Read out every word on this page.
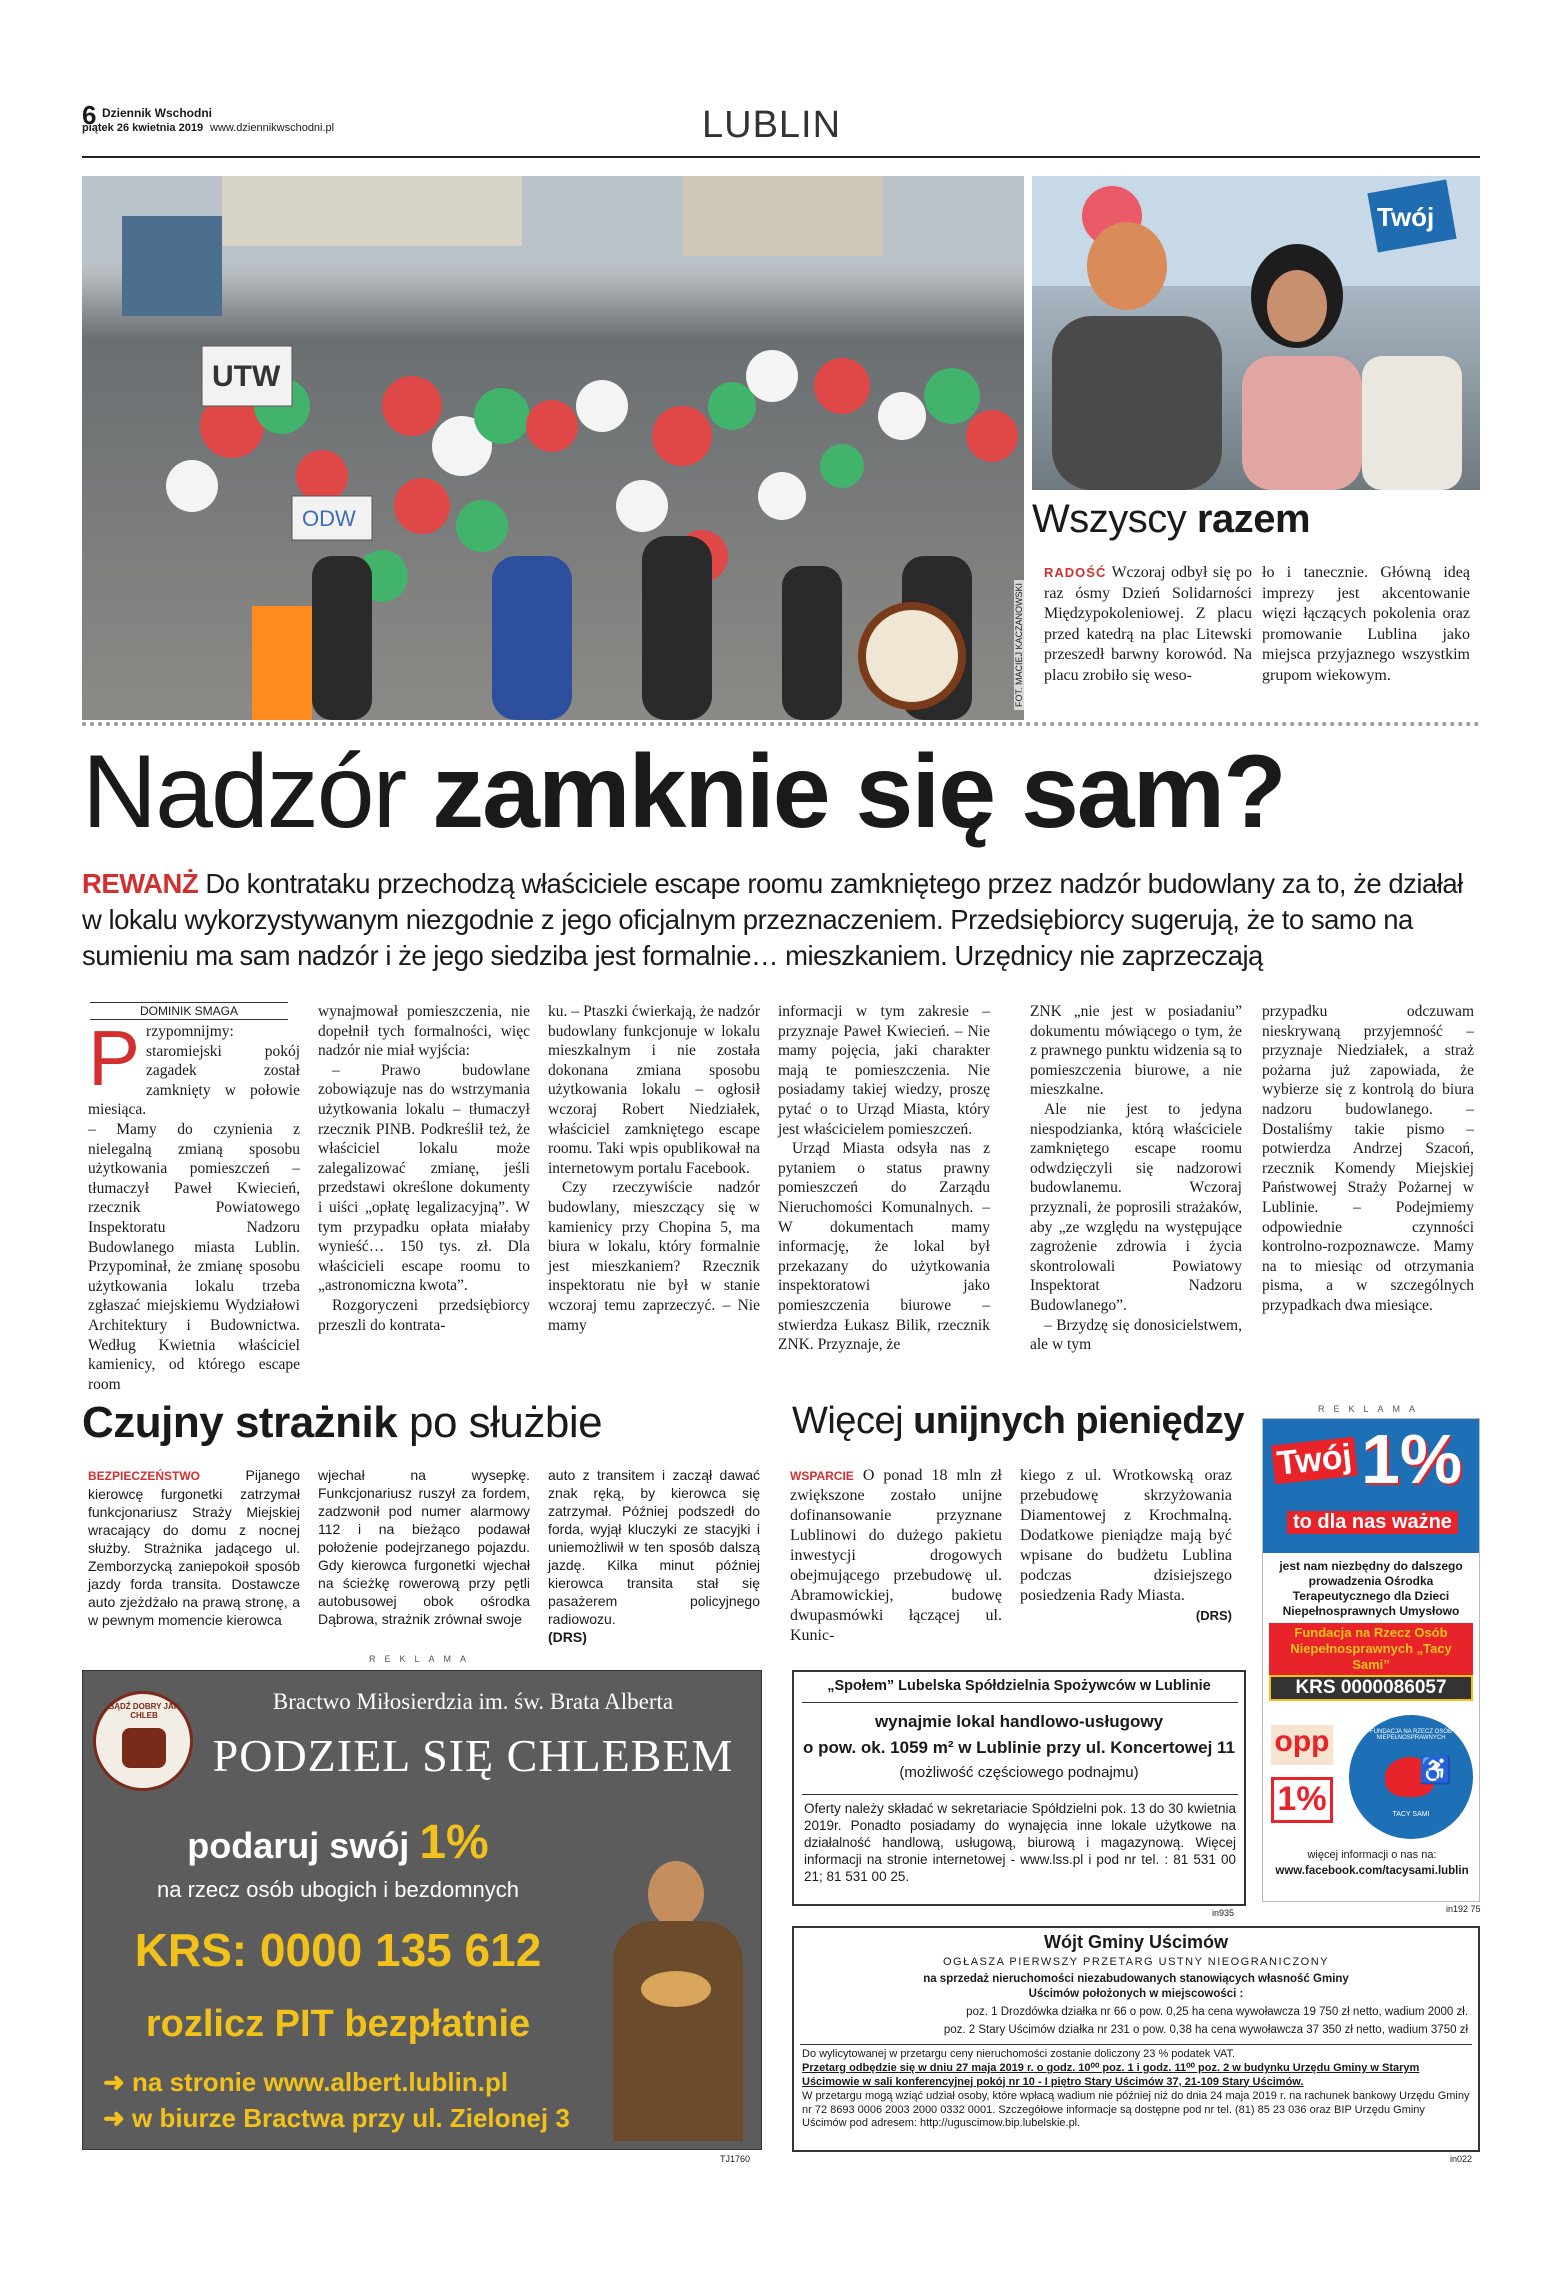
6 Dziennik Wschodni
piątek 26 kwietnia 2019 www.dziennikwschodni.pl	LUBLIN
UTW
ODW
FOT. MACIEJ KACZANOWSKI
Twój
Wszyscy razem
RADOŚĆ Wczoraj odbył się po raz ósmy Dzień Solidarności Międzypokoleniowej. Z placu przed katedrą na plac Litewski przeszedł barwny korowód. Na placu zrobiło się weso-
ło i tanecznie. Główną ideą imprezy jest akcentowanie więzi łączących pokolenia oraz promowanie Lublina jako miejsca przyjaznego wszystkim grupom wiekowym.
Nadzór zamknie się sam?
REWANŻ Do kontrataku przechodzą właściciele escape roomu zamkniętego przez nadzór budowlany za to, że działał w lokalu wykorzystywanym niezgodnie z jego oficjalnym przeznaczeniem. Przedsiębiorcy sugerują, że to samo na sumieniu ma sam nadzór i że jego siedziba jest formalnie… mieszkaniem. Urzędnicy nie zaprzeczają
DOMINIK SMAGA
P rzypomnijmy: staromiejski pokój zagadek został zamknięty w połowie miesiąca.
– Mamy do czynienia z nielegalną zmianą sposobu użytkowania pomieszczeń – tłumaczył Paweł Kwiecień, rzecznik Powiatowego Inspektoratu Nadzoru Budowlanego miasta Lublin. Przypominał, że zmianę sposobu użytkowania lokalu trzeba zgłaszać miejskiemu Wydziałowi Architektury i Budownictwa. Według Kwietnia właściciel kamienicy, od którego escape room

wynajmował pomieszczenia, nie dopełnił tych formalności, więc nadzór nie miał wyjścia:

– Prawo budowlane zobowiązuje nas do wstrzymania użytkowania lokalu – tłumaczył rzecznik PINB. Podkreślił też, że właściciel lokalu może zalegalizować zmianę, jeśli przedstawi określone dokumenty i uiści „opłatę legalizacyjną”. W tym przypadku opłata miałaby wynieść… 150 tys. zł. Dla właścicieli escape roomu to „astronomiczna kwota”.

Rozgoryczeni przedsiębiorcy przeszli do kontrata-

ku. – Ptaszki ćwierkają, że nadzór budowlany funkcjonuje w lokalu mieszkalnym i nie została dokonana zmiana sposobu użytkowania lokalu – ogłosił wczoraj Robert Niedziałek, właściciel zamkniętego escape roomu. Taki wpis opublikował na internetowym portalu Facebook.

Czy rzeczywiście nadzór budowlany, mieszczący się w kamienicy przy Chopina 5, ma biura w lokalu, który formalnie jest mieszkaniem? Rzecznik inspektoratu nie był w stanie wczoraj temu zaprzeczyć. – Nie mamy

informacji w tym zakresie – przyznaje Paweł Kwiecień. – Nie mamy pojęcia, jaki charakter mają te pomieszczenia. Nie posiadamy takiej wiedzy, proszę pytać o to Urząd Miasta, który jest właścicielem pomieszczeń.

Urząd Miasta odsyła nas z pytaniem o status prawny pomieszczeń do Zarządu Nieruchomości Komunalnych. – W dokumentach mamy informację, że lokal był przekazany do użytkowania inspektoratowi jako pomieszczenia biurowe – stwierdza Łukasz Bilik, rzecznik ZNK. Przyznaje, że

ZNK „nie jest w posiadaniu” dokumentu mówiącego o tym, że z prawnego punktu widzenia są to pomieszczenia biurowe, a nie mieszkalne.

Ale nie jest to jedyna niespodzianka, którą właściciele zamkniętego escape roomu odwdzięczyli się nadzorowi budowlanemu. Wczoraj przyznali, że poprosili strażaków, aby „ze względu na występujące zagrożenie zdrowia i życia skontrolowali Powiatowy Inspektorat Nadzoru Budowlanego”.

– Brzydzę się donosicielstwem, ale w tym

przypadku odczuwam nieskrywaną przyjemność – przyznaje Niedziałek, a straż pożarna już zapowiada, że wybierze się z kontrolą do biura nadzoru budowlanego. – Dostaliśmy takie pismo – potwierdza Andrzej Szacoń, rzecznik Komendy Miejskiej Państwowej Straży Pożarnej w Lublinie. – Podejmiemy odpowiednie czynności kontrolno-rozpoznawcze. Mamy na to miesiąc od otrzymania pisma, a w szczególnych przypadkach dwa miesiące.

Czujny strażnik po służbie
BEZPIECZEŃSTWO	Pijanego kierowcę furgonetki zatrzymał funkcjonariusz Straży Miejskiej wracający do domu z nocnej służby. Strażnika jadącego ul. Zemborzycką zaniepokoił sposób jazdy forda transita. Dostawcze auto zjeżdżało na prawą stronę, a w pewnym momencie kierowca
wjechał na wysepkę. Funkcjonariusz ruszył za fordem, zadzwonił pod numer alarmowy 112 i na bieżąco podawał położenie podejrzanego pojazdu. Gdy kierowca furgonetki wjechał na ścieżkę rowerową przy pętli autobusowej obok ośrodka Dąbrowa, strażnik zrównał swoje
auto z transitem i zaczął dawać znak ręką, by kierowca się zatrzymał. Później podszedł do forda, wyjął kluczyki ze stacyjki i uniemożliwił w ten sposób dalszą jazdę. Kilka minut później kierowca transita stał się pasażerem policyjnego radiowozu.
(DRS)
Więcej unijnych pieniędzy
WSPARCIE O ponad 18 mln zł zwiększone zostało unijne dofinansowanie przyznane Lublinowi do dużego pakietu inwestycji drogowych obejmującego przebudowę ul. Abramowickiej, budowę dwupasmówki łączącej ul. Kunic-
kiego z ul. Wrotkowską oraz przebudowę skrzyżowania Diamentowej z Krochmalną. Dodatkowe pieniądze mają być wpisane do budżetu Lublina podczas dzisiejszego posiedzenia Rady Miasta.

(DRS)
REKLAMA
REKLAMA
BĄDŹ DOBRY JAK CHLEB
Bractwo Miłosierdzia im. św. Brata Alberta
PODZIEL SIĘ CHLEBEM
podaruj swój 1%
na rzecz osób ubogich i bezdomnych
KRS: 0000 135 612
rozlicz PIT bezpłatnie
➜ na stronie www.albert.lublin.pl
➜ w biurze Bractwa przy ul. Zielonej 3
TJ1760
„Społem” Lubelska Spółdzielnia Spożywców w Lublinie
wynajmie lokal handlowo-usługowy
o pow. ok. 1059 m² w Lublinie przy ul. Koncertowej 11
(możliwość częściowego podnajmu)
Oferty należy składać w sekretariacie Spółdzielni pok. 13 do 30 kwietnia 2019r. Ponadto posiadamy do wynajęcia inne lokale użytkowe na działalność handlową, usługową, biurową i magazynową. Więcej informacji na stronie internetowej - www.lss.pl i pod nr tel. : 81 531 00 21; 81 531 00 25.
in935
Wójt Gminy Uścimów
OGŁASZA PIERWSZY PRZETARG USTNY NIEOGRANICZONY
na sprzedaż nieruchomości niezabudowanych stanowiących własność Gminy Uścimów położonych w miejscowości :
poz. 1 Drozdówka działka nr 66 o pow. 0,25 ha cena wywoławcza 19 750 zł netto, wadium 2000 zł.
poz. 2 Stary Uścimów działka nr 231 o pow. 0,38 ha cena wywoławcza 37 350 zł netto, wadium 3750 zł
Do wylicytowanej w przetargu ceny nieruchomości zostanie doliczony 23 % podatek VAT.
Przetarg odbędzie się w dniu 27 maja 2019 r. o godz. 10⁰⁰ poz. 1 i godz. 11⁰⁰ poz. 2 w budynku Urzędu Gminy w Starym Uścimowie w sali konferencyjnej pokój nr 10 - I piętro Stary Uścimów 37, 21-109 Stary Uścimów.
W przetargu mogą wziąć udział osoby, które wpłacą wadium nie później niż do dnia 24 maja 2019 r. na rachunek bankowy Urzędu Gminy nr 72 8693 0006 2003 2000 0332 0001. Szczegółowe informacje są dostępne pod nr tel. (81) 85 23 036 oraz BIP Urzędu Gminy Uścimów pod adresem: http://uguscimow.bip.lubelskie.pl.
in022
Twój 1%
to dla nas ważne
jest nam niezbędny do dalszego prowadzenia Ośrodka Terapeutycznego dla Dzieci Niepełnosprawnych Umysłowo
Fundacja na Rzecz Osób Niepełnosprawnych „Tacy Sami”
KRS 0000086057
opp
1%
FUNDACJA NA RZECZ OSÓB NIEPEŁNOSPRAWNYCH
♿
TACY SAMI
więcej informacji o nas na:
www.facebook.com/tacysami.lublin
in192 75
